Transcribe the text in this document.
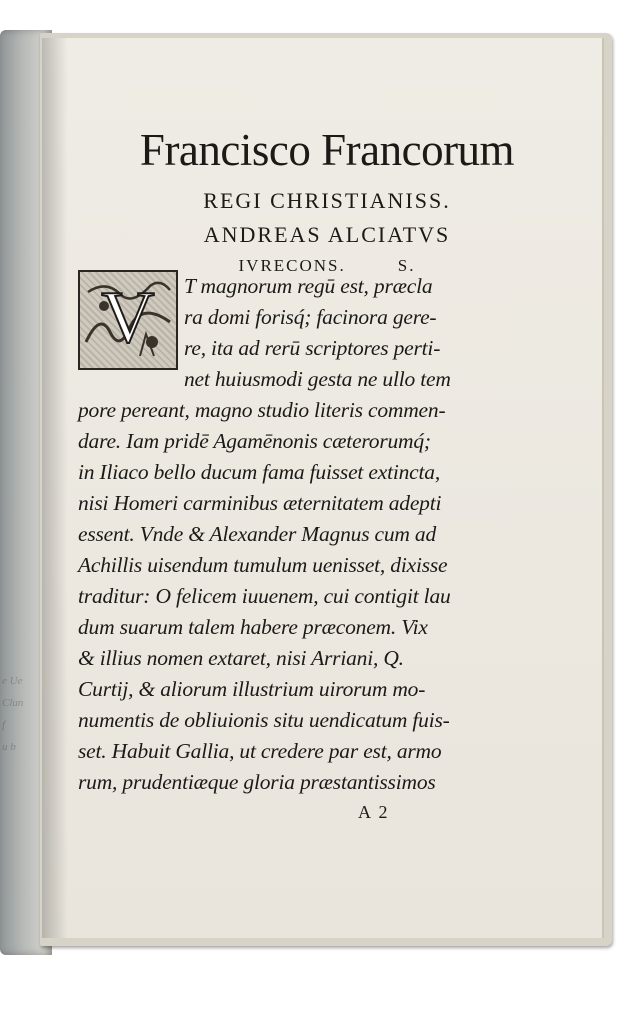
e Ue
Clun
f
u b
Francisco Francorum
REGI CHRISTIANISS.
ANDREAS ALCIATVS
IVRECONS.	S.
V T magnorum regū est, præcla
ra domi forisq́; facinora gere-
re, ita ad rerū scriptores perti-
net huiusmodi gesta ne ullo tem
pore pereant, magno studio literis commen-
dare. Iam pridē Agamēnonis cæterorumq́;
in Iliaco bello ducum fama fuisset extincta,
nisi Homeri carminibus æternitatem adepti
essent. Vnde & Alexander Magnus cum ad
Achillis uisendum tumulum uenisset, dixisse
traditur: O felicem iuuenem, cui contigit lau
dum suarum talem habere præconem. Vix
& illius nomen extaret, nisi Arriani, Q.
Curtij, & aliorum illustrium uirorum mo-
numentis de obliuionis situ uendicatum fuis-
set. Habuit Gallia, ut credere par est, armo
rum, prudentiæque gloria præstantissimos
A 2
